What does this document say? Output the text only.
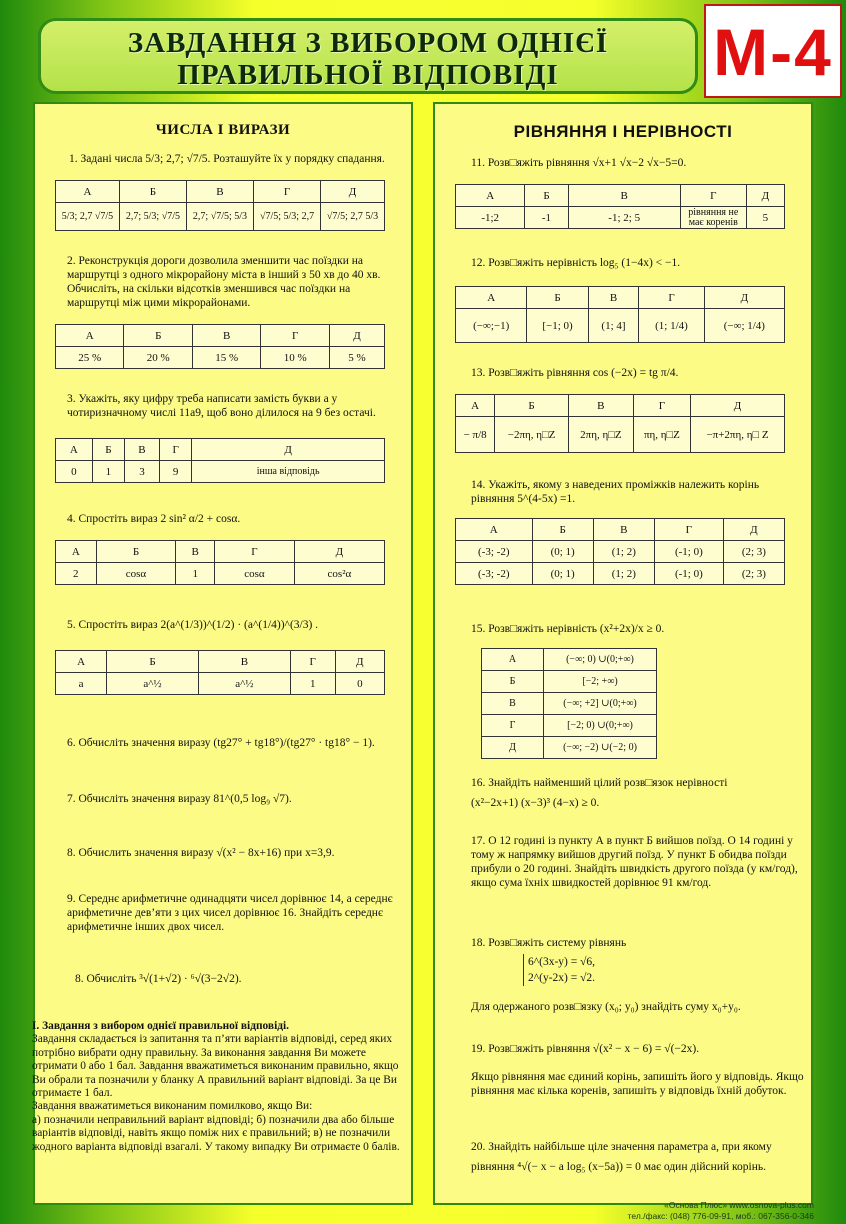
ЗАВДАННЯ З ВИБОРОМ ОДНІЄЇ
ПРАВИЛЬНОЇ ВІДПОВІДІ	М-4
ЧИСЛА І ВИРАЗИ
1. Задані числа 5/3; 2,7; √7/5. Розташуйте їх у порядку спадання.
А	Б	В	Г	Д
5/3; 2,7 √7/5	2,7; 5/3; √7/5	2,7; √7/5; 5/3	√7/5; 5/3; 2,7	√7/5; 2,7 5/3
2. Реконструкція дороги дозволила зменшити час поїздки на маршрутці з одного мікрорайону міста в інший з 50 хв до 40 хв. Обчисліть, на скільки відсотків зменшився час поїздки на маршрутці між цими мікрорайонами.
А	Б	В	Г	Д
25 %	20 %	15 %	10 %	5 %
3. Укажіть, яку цифру треба написати замість букви а у чотиризначному числі 11а9, щоб воно ділилося на 9 без остачі.
А	Б	В	Г	Д
0	1	3	9	інша відповідь
4. Спростіть вираз 2 sin² α/2 + cosα.
А	Б	В	Г	Д
2	cosα	1	cosα	cos²α
5. Спростіть вираз 2(a^(1/3))^(1/2) · (a^(1/4))^(3/3) .
А	Б	В	Г	Д
a	a^½	a^½	1	0
6. Обчисліть значення виразу (tg27° + tg18°)/(tg27° · tg18° − 1).
7. Обчисліть значення виразу 81^(0,5 log₉ √7).
8. Обчислить значення виразу √(x² − 8x+16) при x=3,9.
9. Середнє арифметичне одинадцяти чисел дорівнює 14, а середнє арифметичне дев’яти з цих чисел дорівнює 16. Знайдіть середнє арифметичне інших двох чисел.
8. Обчисліть ³√(1+√2) · ⁶√(3−2√2).
І. Завдання з вибором однієї правильної відповіді.
Завдання складається із запитання та п’яти варіантів відповіді, серед яких потрібно вибрати одну правильну. За виконання завдання Ви можете отримати 0 або 1 бал. Завдання вважатиметься виконаним правильно, якщо Ви обрали та позначили у бланку А правильний варіант відповіді. За це Ви отримаєте 1 бал.
Завдання вважатиметься виконаним помилково, якщо Ви:
а) позначили неправильний варіант відповіді; б) позначили два або більше варіантів відповіді, навіть якщо поміж них є правильний; в) не позначили жодного варіанта відповіді взагалі. У такому випадку Ви отримаєте 0 балів.
РІВНЯННЯ І НЕРІВНОСТІ
11. Розв□яжіть рівняння √x+1 √x−2 √x−5=0.
А	Б	В	Г	Д
-1;2	-1	-1; 2; 5	рівняння не має коренів	5
12. Розв□яжіть нерівність log₅ (1−4x) < −1.
А	Б	В	Г	Д
(−∞;−1)	[−1; 0)	(1; 4]	(1; 1/4)	(−∞; 1/4)
13. Розв□яжіть рівняння cos (−2x) = tg π/4.
А	Б	В	Г	Д
− π/8	−2πη, η□Z	2πη, η□Z	πη, η□Z	−π+2πη, η□ Z
14. Укажіть, якому з наведених проміжків належить корінь рівняння 5^(4-5x) =1.
А	Б	В	Г	Д
(-3; -2)	(0; 1)	(1; 2)	(-1; 0)	(2; 3)
(-3; -2)	(0; 1)	(1; 2)	(-1; 0)	(2; 3)
15. Розв□яжіть нерівність (x²+2x)/x ≥ 0.
А	(−∞; 0) ∪(0;+∞)
Б	[−2; +∞)
В	(−∞; +2] ∪(0;+∞)
Г	[−2; 0) ∪(0;+∞)
Д	(−∞; −2) ∪(−2; 0)
16. Знайдіть найменший цілий розв□язок нерівності
(x²−2x+1) (x−3)³ (4−x) ≥ 0.
17. О 12 годині із пункту А в пункт Б вийшов поїзд. О 14 годині у тому ж напрямку вийшов другий поїзд. У пункт Б обидва поїзди прибули о 20 годині. Знайдіть швидкість другого поїзда (у км/год), якщо сума їхніх швидкостей дорівнює 91 км/год.
18. Розв□яжіть систему рівнянь
6^(3x-y) = √6,
2^(y-2x) = √2.
Для одержаного розв□язку (x₀; y₀) знайдіть суму x₀+y₀.
19. Розв□яжіть рівняння √(x² − x − 6) = √(−2x).
Якщо рівняння має єдиний корінь, запишіть його у відповідь. Якщо рівняння має кілька коренів, запишіть у відповідь їхній добуток.
20. Знайдіть найбільше ціле значення параметра а, при якому
рівняння ⁴√(− x − a log₅ (x−5a)) = 0 має один дійсний корінь.
«Основа Плюс» www.osnova-plus.com
тел./факс: (048) 776-09-91, моб.: 067-356-0-346
